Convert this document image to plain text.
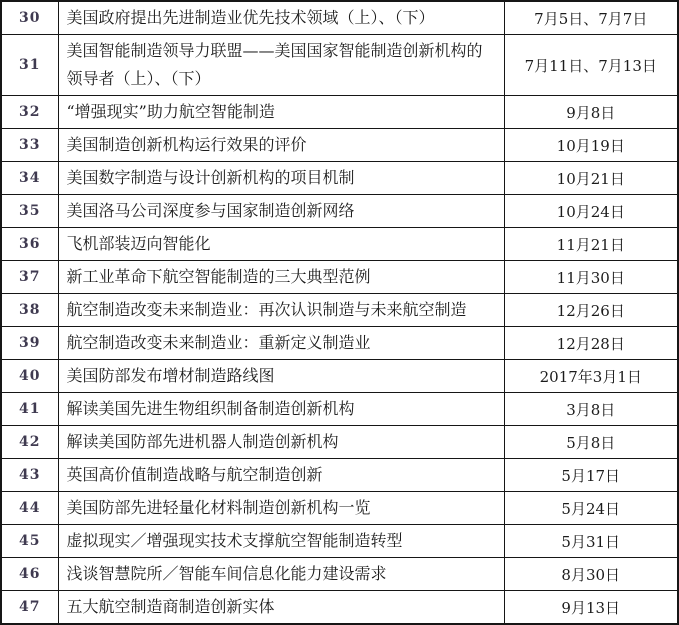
30	美国政府提出先进制造业优先技术领域（上）、（下）	7月5日、7月7日
31	美国智能制造领导力联盟——美国国家智能制造创新机构的领导者（上）、（下）	7月11日、7月13日
32	“增强现实”助力航空智能制造	9月8日
33	美国制造创新机构运行效果的评价	10月19日
34	美国数字制造与设计创新机构的项目机制	10月21日
35	美国洛马公司深度参与国家制造创新网络	10月24日
36	飞机部装迈向智能化	11月21日
37	新工业革命下航空智能制造的三大典型范例	11月30日
38	航空制造改变未来制造业：再次认识制造与未来航空制造	12月26日
39	航空制造改变未来制造业：重新定义制造业	12月28日
40	美国防部发布增材制造路线图	2017年3月1日
41	解读美国先进生物组织制备制造创新机构	3月8日
42	解读美国防部先进机器人制造创新机构	5月8日
43	英国高价值制造战略与航空制造创新	5月17日
44	美国防部先进轻量化材料制造创新机构一览	5月24日
45	虚拟现实／增强现实技术支撑航空智能制造转型	5月31日
46	浅谈智慧院所／智能车间信息化能力建设需求	8月30日
47	五大航空制造商制造创新实体	9月13日
